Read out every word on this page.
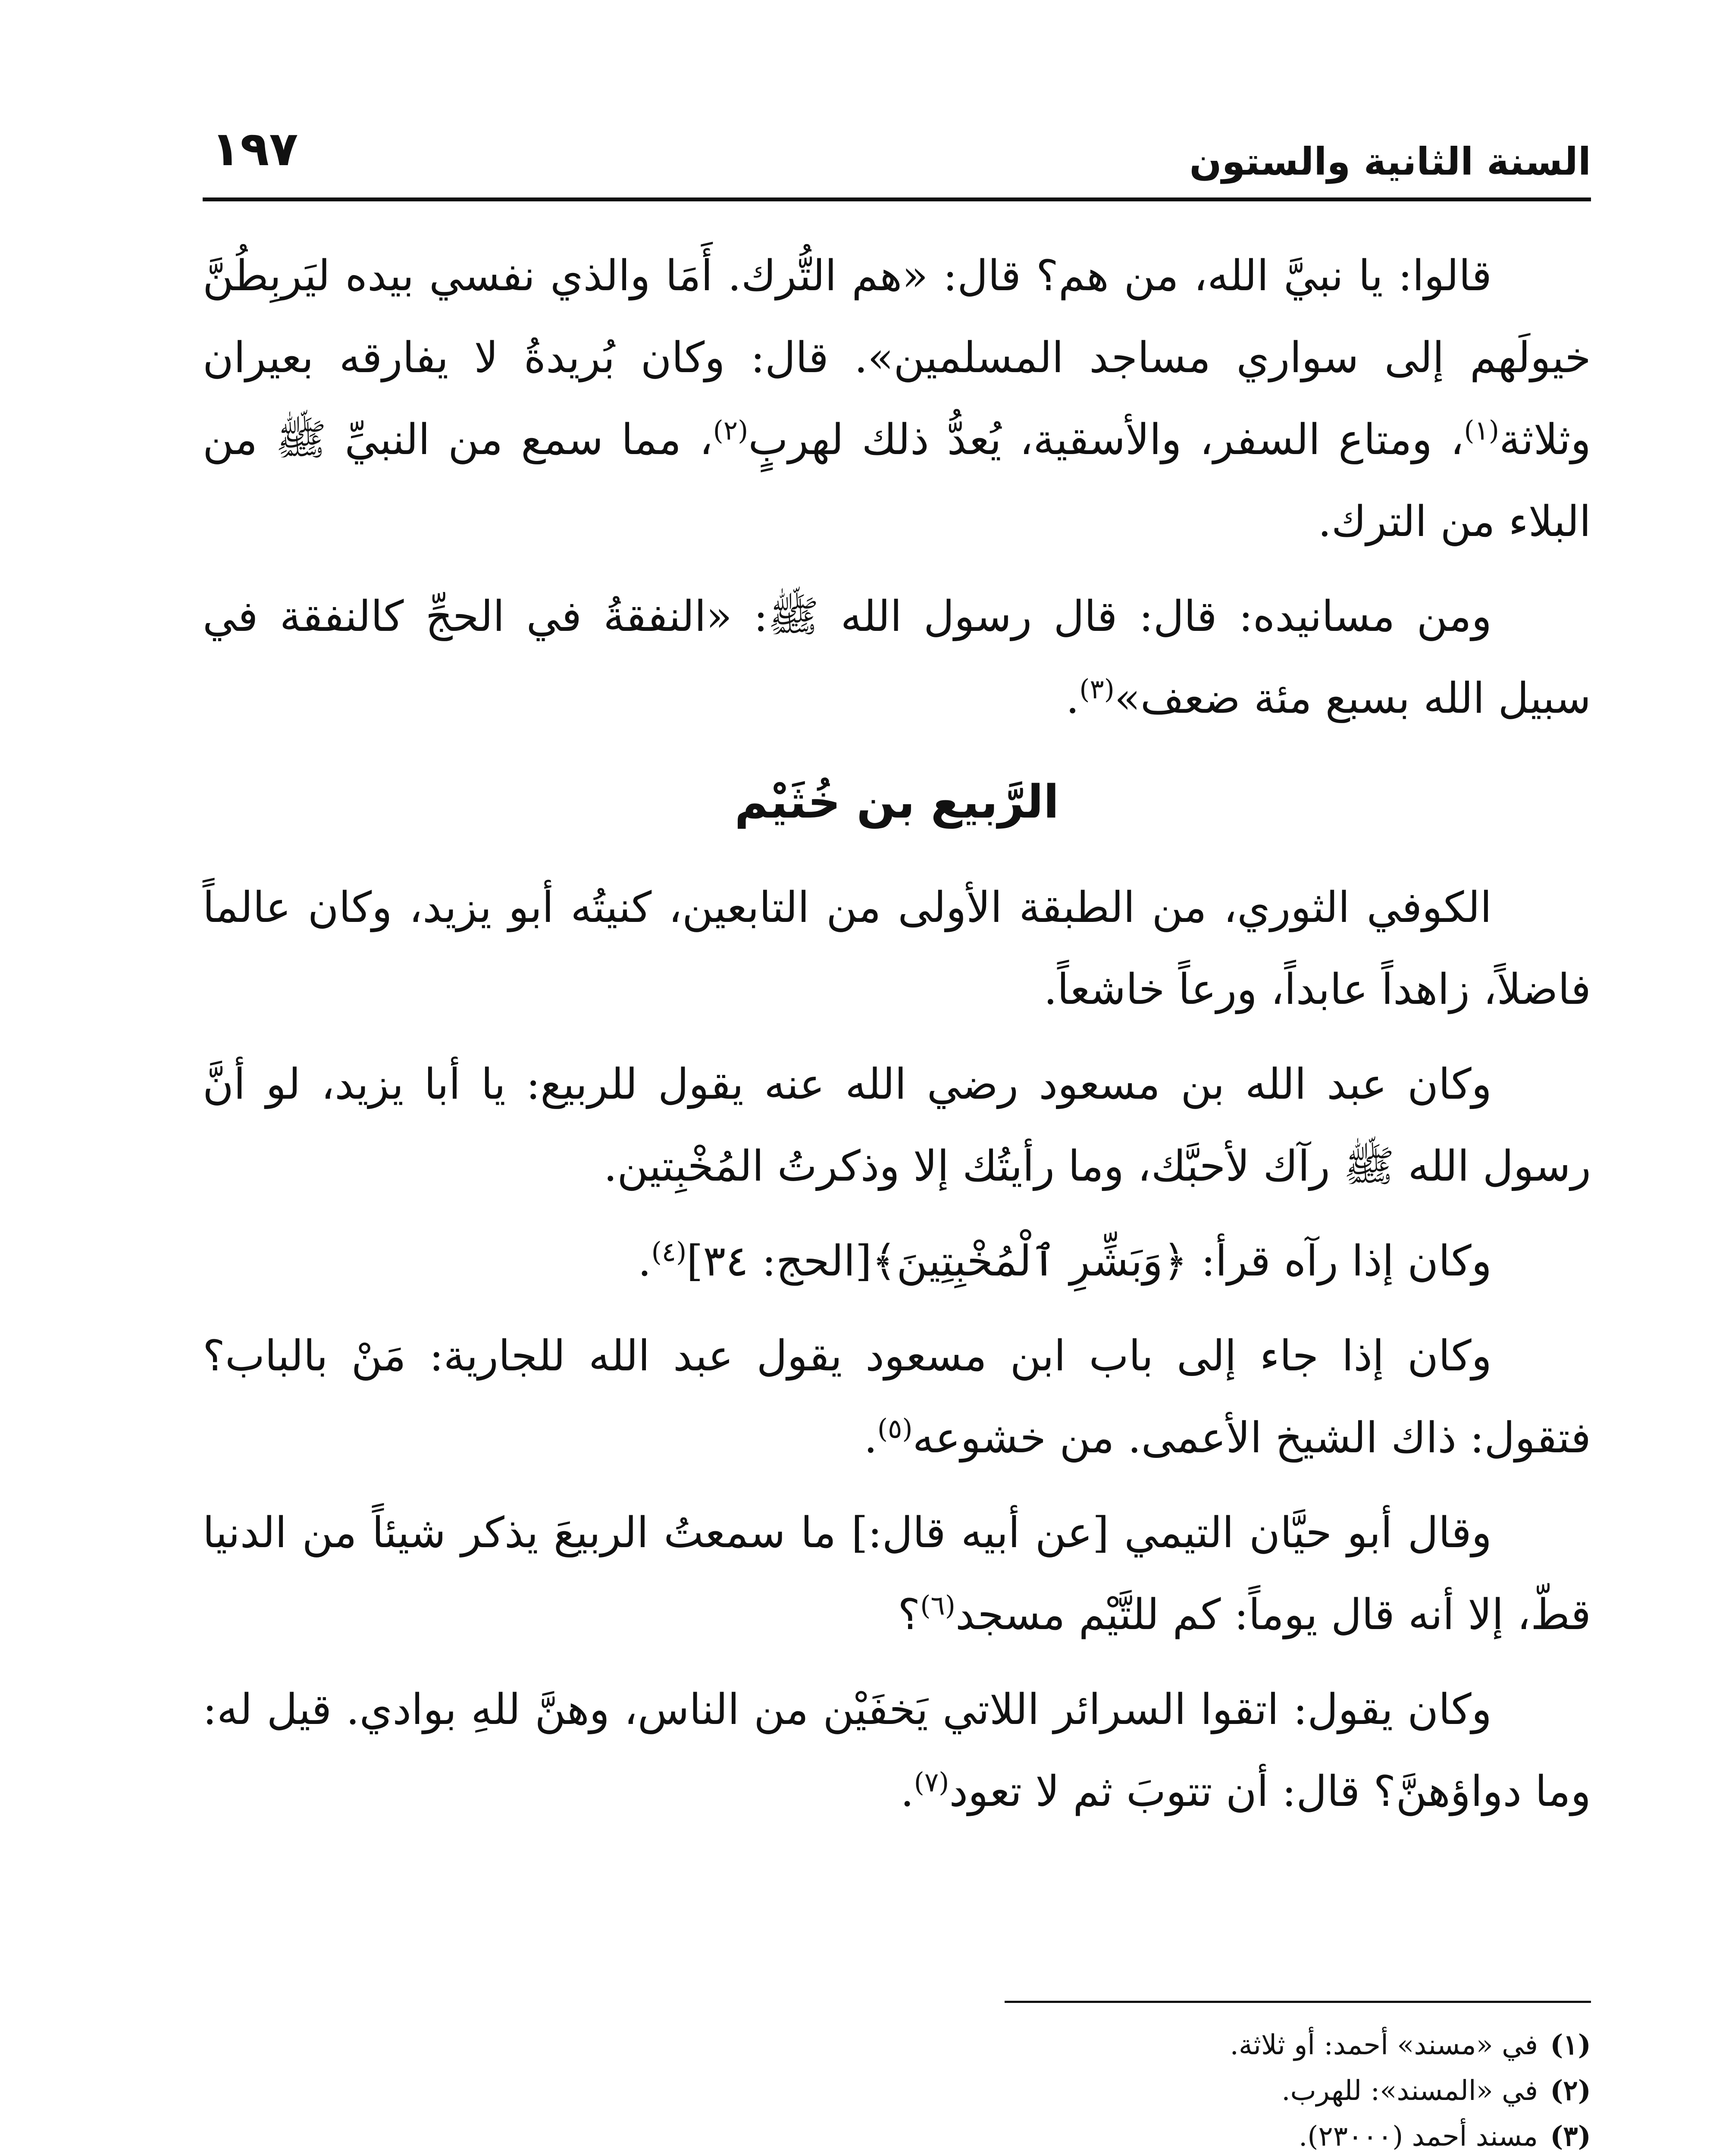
السنة الثانية والستون
١٩٧

قالوا: يا نبيَّ الله، من هم؟ قال: «هم التُّرك. أَمَا والذي نفسي بيده ليَربِطُنَّ خيولَهم إلى سواري مساجد المسلمين». قال: وكان بُريدةُ لا يفارقه بعيران وثلاثة$^{(١)}$، ومتاع السفر، والأسقية، يُعدُّ ذلك لهربٍ$^{(٢)}$، مما سمع من النبيِّ ﷺ من البلاء من الترك.

ومن مسانيده: قال: قال رسول الله ﷺ: «النفقةُ في الحجِّ كالنفقة في سبيل الله بسبع مئة ضعف»$^{(٣)}$.

الرَّبيع بن خُثَيْم

الكوفي الثوري، من الطبقة الأولى من التابعين، كنيتُه أبو يزيد، وكان عالماً فاضلاً، زاهداً عابداً، ورعاً خاشعاً.

وكان عبد الله بن مسعود رضي الله عنه يقول للربيع: يا أبا يزيد، لو أنَّ رسول الله ﷺ رآك لأحبَّك، وما رأيتُك إلا وذكرتُ المُخْبِتين.

وكان إذا رآه قرأ: ﴿وَبَشِّرِ ٱلْمُخْبِتِينَ﴾[الحج: ٣٤]$^{(٤)}$.

وكان إذا جاء إلى باب ابن مسعود يقول عبد الله للجارية: مَنْ بالباب؟ فتقول: ذاك الشيخ الأعمى. من خشوعه$^{(٥)}$.

وقال أبو حيَّان التيمي [عن أبيه قال:] ما سمعتُ الربيعَ يذكر شيئاً من الدنيا قطّ، إلا أنه قال يوماً: كم للتَّيْم مسجد$^{(٦)}$؟

وكان يقول: اتقوا السرائر اللاتي يَخفَيْن من الناس، وهنَّ للهِ بوادي. قيل له: وما دواؤهنَّ؟ قال: أن تتوبَ ثم لا تعود$^{(٧)}$.

(١)في «مسند» أحمد: أو ثلاثة.

(٢)في «المسند»: للهرب.

(٣)مسند أحمد (٢٣٠٠٠).
